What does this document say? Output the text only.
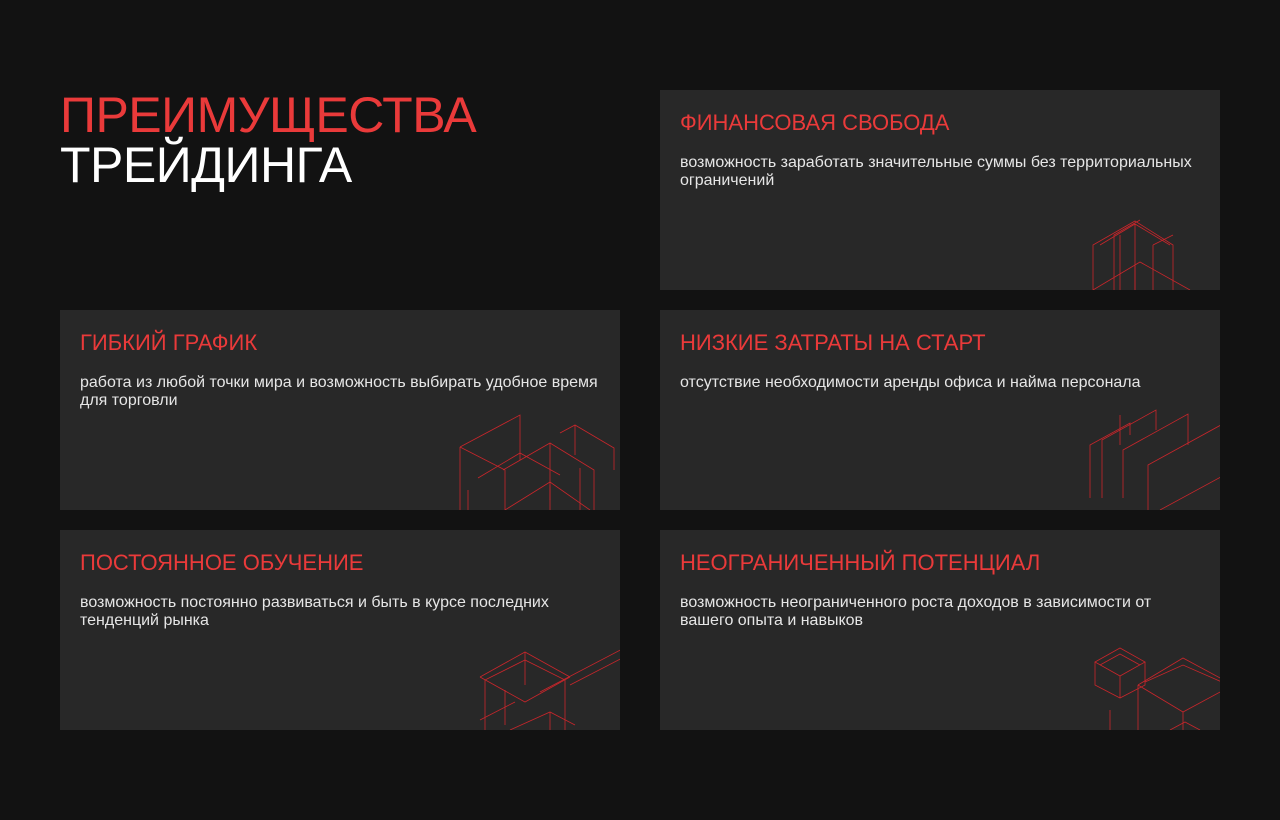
ПРЕИМУЩЕСТВА
ТРЕЙДИНГА
ФИНАНСОВАЯ СВОБОДА

возможность заработать значительные суммы без территориальных ограничений

ГИБКИЙ ГРАФИК

работа из любой точки мира и возможность выбирать удобное время для торговли

НИЗКИЕ ЗАТРАТЫ НА СТАРТ

отсутствие необходимости аренды офиса и найма персонала

ПОСТОЯННОЕ ОБУЧЕНИЕ

возможность постоянно развиваться и быть в курсе последних тенденций рынка

НЕОГРАНИЧЕННЫЙ ПОТЕНЦИАЛ

возможность неограниченного роста доходов в зависимости от вашего опыта и навыков
